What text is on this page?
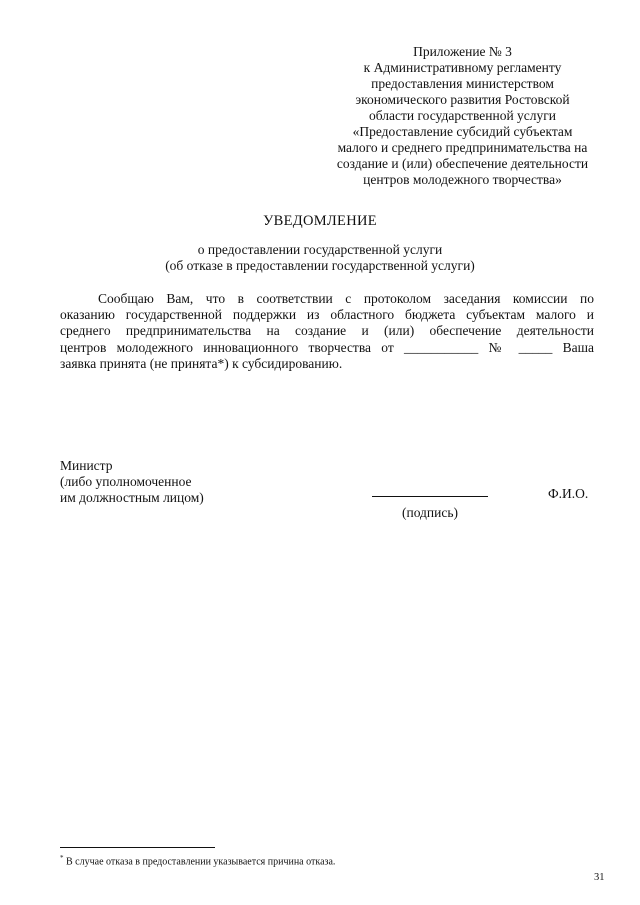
Приложение № 3
к Административному регламенту
предоставления министерством
экономического развития Ростовской
области государственной услуги
«Предоставление субсидий субъектам
малого и среднего предпринимательства на
создание и (или) обеспечение деятельности
центров молодежного творчества»
УВЕДОМЛЕНИЕ
о предоставлении государственной услуги
(об отказе в предоставлении государственной услуги)
Сообщаю Вам, что в соответствии с протоколом заседания комиссии по
оказанию государственной поддержки из областного бюджета субъектам малого и
среднего предпринимательства на создание и (или) обеспечение деятельности
центров молодежного инновационного творчества от ___________ № _____ Ваша
заявка принята (не принята*) к субсидированию.
Министр
(либо уполномоченное
им должностным лицом)
(подпись)
Ф.И.О.
* В случае отказа в предоставлении указывается причина отказа.
31
